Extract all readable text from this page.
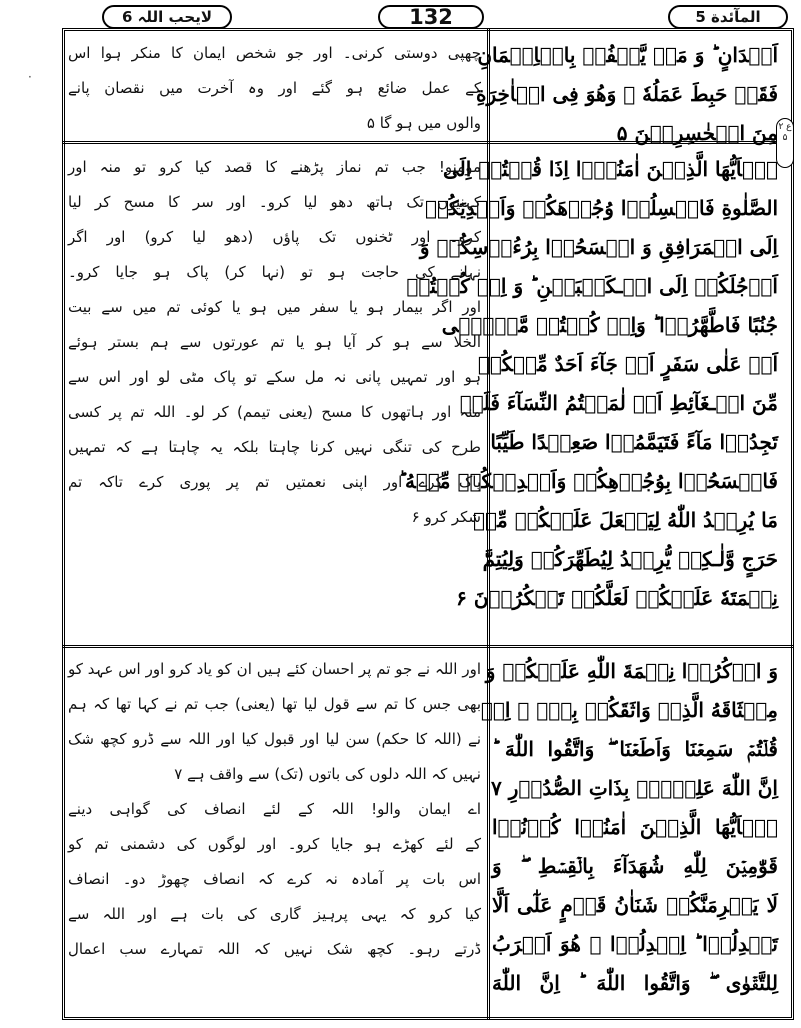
لایحب اللہ 6	132	المآئدة 5
ع ۲ ۵
·
اَخۡدَانٍ ؕ وَ مَنۡ يَّكۡفُرۡ بِالۡاِيۡمَانِ
فَقَدۡ حَبِطَ عَمَلُهٗ ۡ وَهُوَ فِى الۡاٰخِرَةِ
مِنَ الۡخٰسِرِيۡنَ ۵
چھپی دوستی کرنی۔ اور جو شخص ایمان کا منکر ہوا اس
کے عمل ضائع ہو گئے اور وہ آخرت میں نقصان پانے
والوں میں ہو گا ۵
يٰۤاَيُّهَا الَّذِيۡنَ اٰمَنُوۡۤا اِذَا قُمۡتُمۡ اِلَى
الصَّلٰوةِ فَاغۡسِلُوۡا وُجُوۡهَكُمۡ وَاَيۡدِيَكُمۡ
اِلَى الۡمَرَافِقِ وَ امۡسَحُوۡا بِرُءُوۡسِكُمۡ وَ
اَرۡجُلَكُمۡ اِلَى الۡـكَعۡبَيۡنِ ؕ وَ اِنۡ كُنۡتُمۡ
جُنُبًا فَاطَّهَّرُوۡا ؕ وَاِنۡ كُنۡتُمۡ مَّرۡضٰۤى
اَوۡ عَلٰى سَفَرٍ اَوۡ جَآءَ اَحَدٌ مِّنۡكُمۡ
مِّنَ الۡـغَآئِطِ اَوۡ لٰمَسۡتُمُ النِّسَآءَ فَلَمۡ
تَجِدُوۡا مَآءً فَتَيَمَّمُوۡا صَعِيۡدًا طَيِّبًا
فَامۡسَحُوۡا بِوُجُوۡهِكُمۡ وَاَيۡدِيۡكُمۡ مِّنۡهُ ؕ
مَا يُرِيۡدُ اللّٰهُ لِيَجۡعَلَ عَلَيۡكُمۡ مِّنۡ
حَرَجٍ وَّلٰـكِنۡ يُّرِيۡدُ لِيُطَهِّرَكُمۡ وَلِيُتِمَّ
نِعۡمَتَهٗ عَلَيۡكُمۡ لَعَلَّكُمۡ تَشۡكُرُوۡنَ ۶
مومنو! جب تم نماز پڑھنے کا قصد کیا کرو تو منہ اور
کہنیوں تک ہاتھ دھو لیا کرو۔ اور سر کا مسح کر لیا
کرو۔ اور ٹخنوں تک پاؤں (دھو لیا کرو) اور اگر
نہانے کی حاجت ہو تو (نہا کر) پاک ہو جایا کرو۔
اور اگر بیمار ہو یا سفر میں ہو یا کوئی تم میں سے بیت
الخلا سے ہو کر آیا ہو یا تم عورتوں سے ہم بستر ہوئے
ہو اور تمہیں پانی نہ مل سکے تو پاک مٹی لو اور اس سے
منہ اور ہاتھوں کا مسح (یعنی تیمم) کر لو۔ اللہ تم پر کسی
طرح کی تنگی نہیں کرنا چاہتا بلکہ یہ چاہتا ہے کہ تمہیں
پاک کرے اور اپنی نعمتیں تم پر پوری کرے تاکہ تم
شکر کرو ۶
وَ اذۡكُرُوۡا نِعۡمَةَ اللّٰهِ عَلَيۡكُمۡ وَ
مِيۡثَاقَهُ الَّذِىۡ وَاثَقَكُمۡ بِهٖۤ ۙ اِذۡ
قُلۡتُمۡ سَمِعۡنَا وَاَطَعۡنَا ۖ وَاتَّقُوا اللّٰهَ ؕ
اِنَّ اللّٰهَ عَلِيۡمٌۢ بِذَاتِ الصُّدُوۡرِ ۷
يٰۤاَيُّهَا الَّذِيۡنَ اٰمَنُوۡا كُوۡنُوۡا
قَوّٰمِيۡنَ لِلّٰهِ شُهَدَآءَ بِالۡقِسۡطِ ۖ وَ
لَا يَجۡرِمَنَّكُمۡ شَنَاٰنُ قَوۡمٍ عَلٰٓى اَلَّا
تَعۡدِلُوۡا ؕ اِعۡدِلُوۡا ۖ هُوَ اَقۡرَبُ
لِلتَّقۡوٰى ۖ وَاتَّقُوا اللّٰهَ ؕ اِنَّ اللّٰهَ
اور اللہ نے جو تم پر احسان کئے ہیں ان کو یاد کرو اور اس عہد کو
بھی جس کا تم سے قول لیا تھا (یعنی) جب تم نے کہا تھا کہ ہم
نے (اللہ کا حکم) سن لیا اور قبول کیا اور اللہ سے ڈرو کچھ شک
نہیں کہ اللہ دلوں کی باتوں (تک) سے واقف ہے ۷
اے ایمان والو! اللہ کے لئے انصاف کی گواہی دینے
کے لئے کھڑے ہو جایا کرو۔ اور لوگوں کی دشمنی تم کو
اس بات پر آمادہ نہ کرے کہ انصاف چھوڑ دو۔ انصاف
کیا کرو کہ یہی پرہیز گاری کی بات ہے اور اللہ سے
ڈرتے رہو۔ کچھ شک نہیں کہ اللہ تمہارے سب اعمال
